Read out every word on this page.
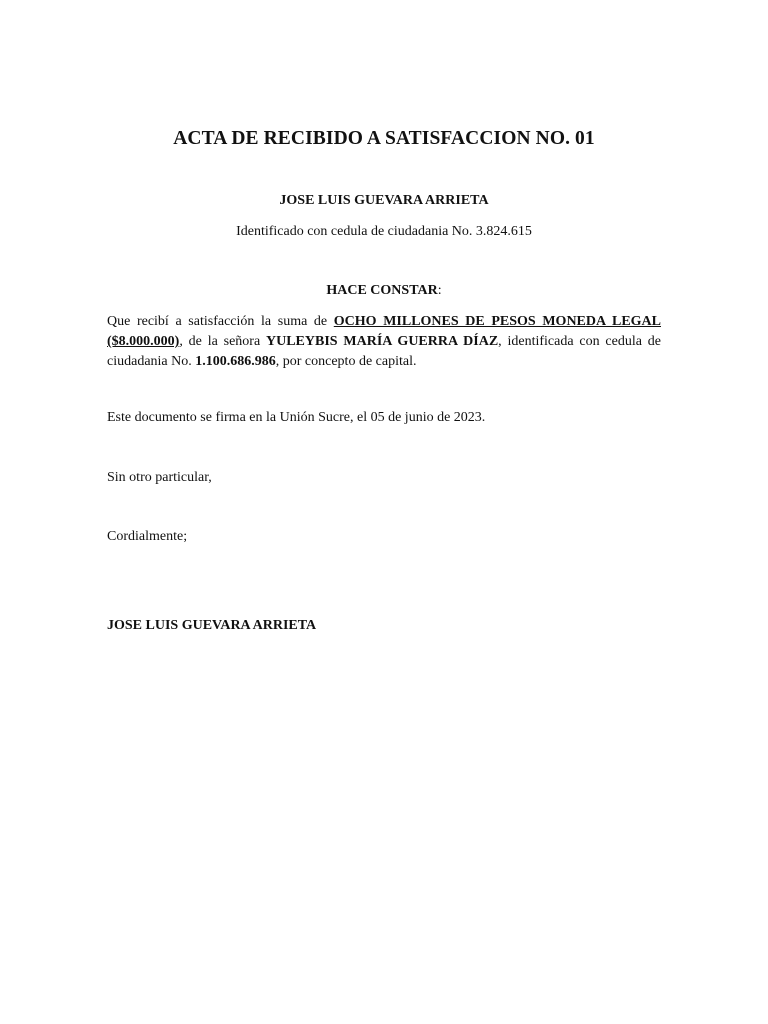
ACTA DE RECIBIDO A SATISFACCION NO. 01
JOSE LUIS GUEVARA ARRIETA
Identificado con cedula de ciudadania No. 3.824.615
HACE CONSTAR:
Que recibí a satisfacción la suma de OCHO MILLONES DE PESOS MONEDA LEGAL ($8.000.000), de la señora YULEYBIS MARÍA GUERRA DÍAZ, identificada con cedula de ciudadania No. 1.100.686.986, por concepto de capital.
Este documento se firma en la Unión Sucre, el 05 de junio de 2023.
Sin otro particular,
Cordialmente;
JOSE LUIS GUEVARA ARRIETA
